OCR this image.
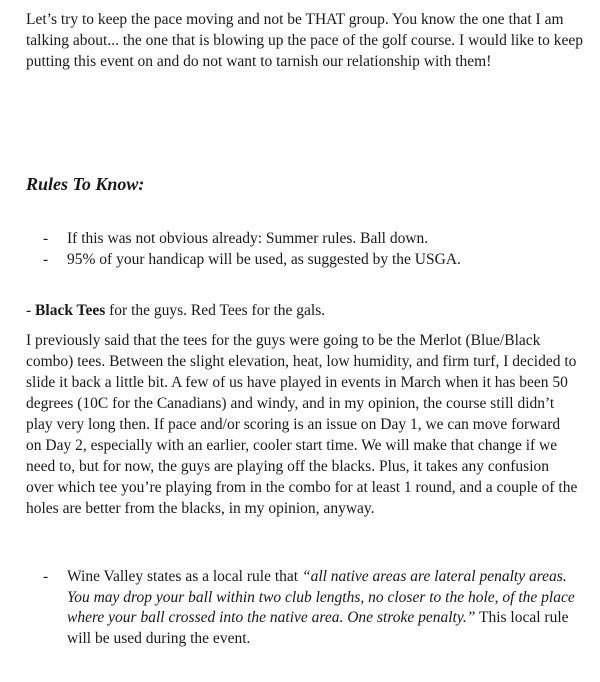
Let’s try to keep the pace moving and not be THAT group. You know the one that I am talking about... the one that is blowing up the pace of the golf course. I would like to keep putting this event on and do not want to tarnish our relationship with them!

Rules To Know:
- If this was not obvious already: Summer rules. Ball down.
- 95% of your handicap will be used, as suggested by the USGA.

- Black Tees for the guys. Red Tees for the gals.

I previously said that the tees for the guys were going to be the Merlot (Blue/Black combo) tees. Between the slight elevation, heat, low humidity, and firm turf, I decided to slide it back a little bit. A few of us have played in events in March when it has been 50 degrees (10C for the Canadians) and windy, and in my opinion, the course still didn’t play very long then. If pace and/or scoring is an issue on Day 1, we can move forward on Day 2, especially with an earlier, cooler start time. We will make that change if we need to, but for now, the guys are playing off the blacks. Plus, it takes any confusion over which tee you’re playing from in the combo for at least 1 round, and a couple of the holes are better from the blacks, in my opinion, anyway.

- Wine Valley states as a local rule that “all native areas are lateral penalty areas. You may drop your ball within two club lengths, no closer to the hole, of the place where your ball crossed into the native area. One stroke penalty.” This local rule will be used during the event.
